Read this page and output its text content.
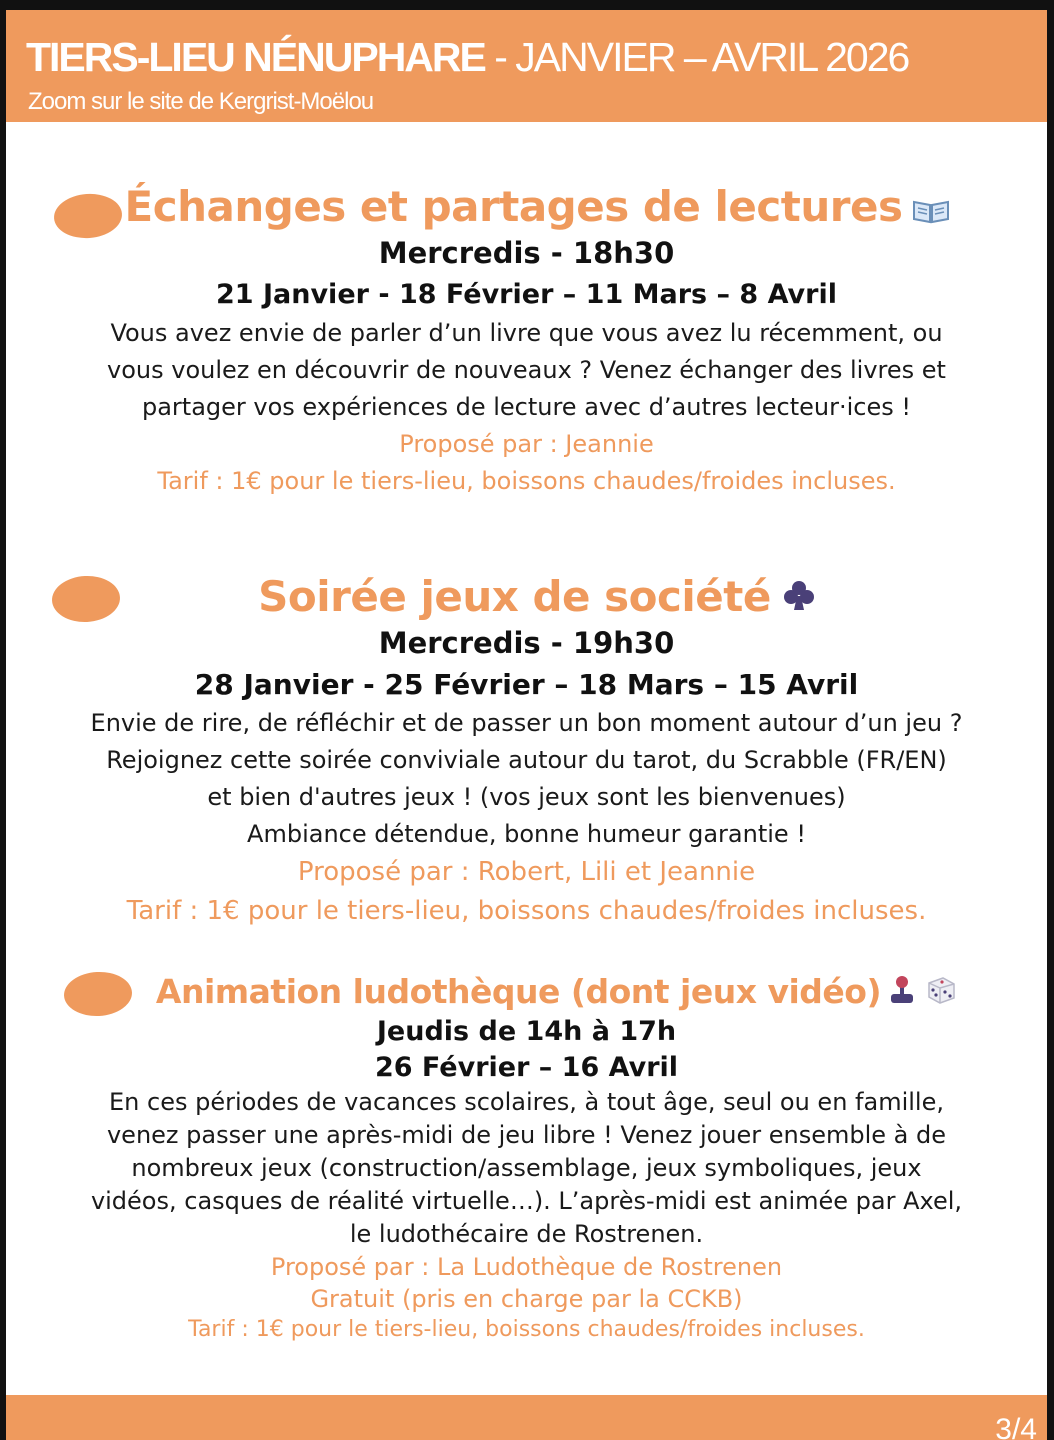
TIERS-LIEU NÉNUPHARE - JANVIER – AVRIL 2026
Zoom sur le site de Kergrist-Moëlou
Échanges et partages de lectures
Mercredis - 18h30
21 Janvier - 18 Février – 11 Mars – 8 Avril
Vous avez envie de parler d’un livre que vous avez lu récemment, ou
vous voulez en découvrir de nouveaux ? Venez échanger des livres et
partager vos expériences de lecture avec d’autres lecteur·ices !
Proposé par : Jeannie
Tarif : 1€ pour le tiers-lieu, boissons chaudes/froides incluses.
Soirée jeux de société
Mercredis - 19h30
28 Janvier - 25 Février – 18 Mars – 15 Avril
Envie de rire, de réfléchir et de passer un bon moment autour d’un jeu ?
Rejoignez cette soirée conviviale autour du tarot, du Scrabble (FR/EN)
et bien d'autres jeux ! (vos jeux sont les bienvenues)
Ambiance détendue, bonne humeur garantie !
Proposé par : Robert, Lili et Jeannie
Tarif : 1€ pour le tiers-lieu, boissons chaudes/froides incluses.
Animation ludothèque (dont jeux vidéo)
Jeudis de 14h à 17h
26 Février – 16 Avril
En ces périodes de vacances scolaires, à tout âge, seul ou en famille,
venez passer une après-midi de jeu libre ! Venez jouer ensemble à de
nombreux jeux (construction/assemblage, jeux symboliques, jeux
vidéos, casques de réalité virtuelle…). L’après-midi est animée par Axel,
le ludothécaire de Rostrenen.
Proposé par : La Ludothèque de Rostrenen
Gratuit (pris en charge par la CCKB)
Tarif : 1€ pour le tiers-lieu, boissons chaudes/froides incluses.
3/4
